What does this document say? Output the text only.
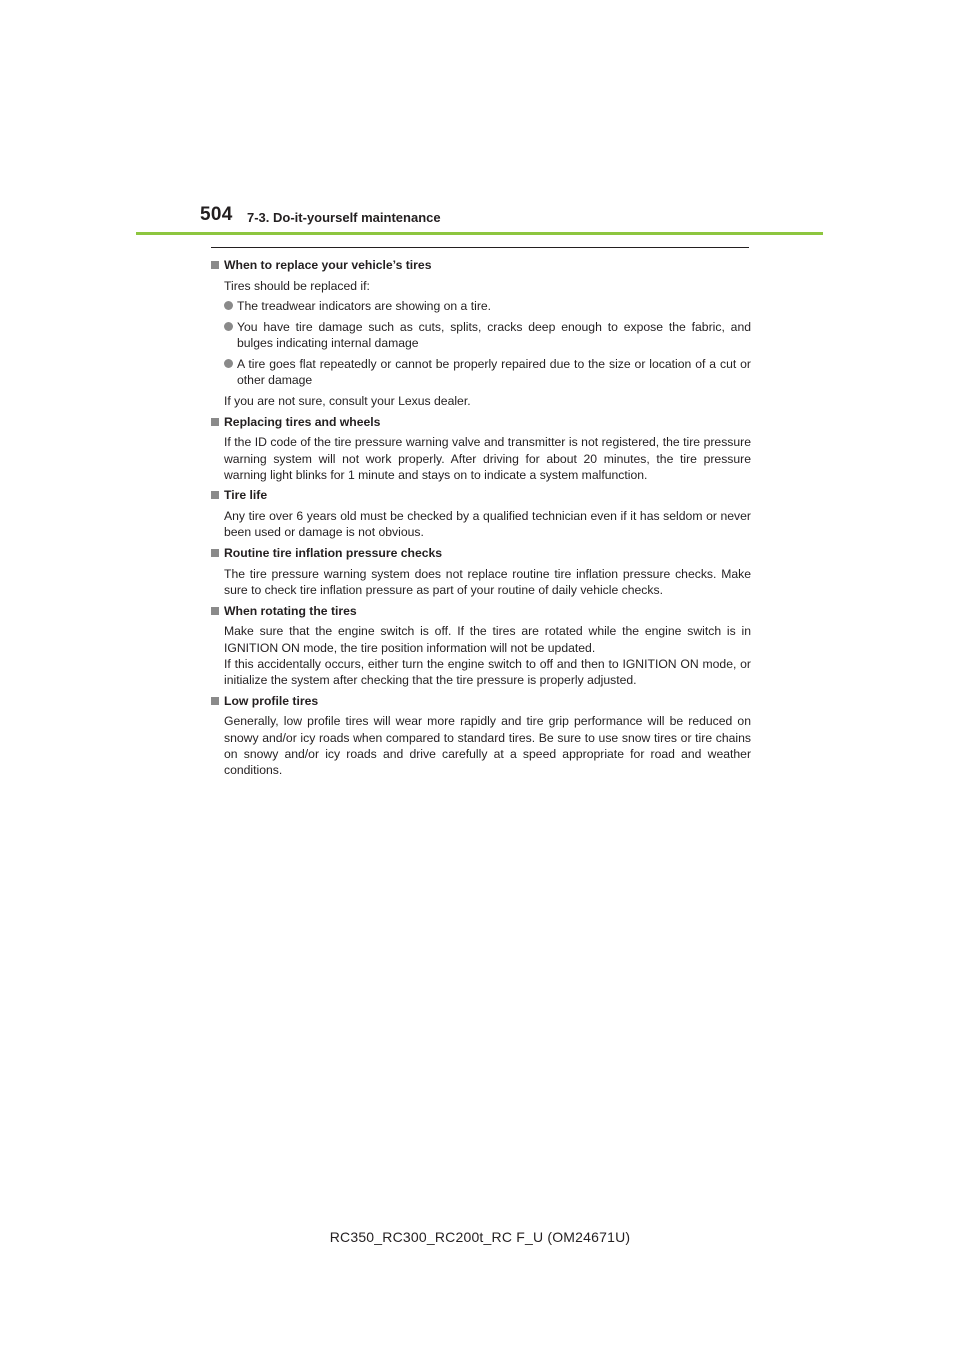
504 7-3. Do-it-yourself maintenance
When to replace your vehicle’s tires
Tires should be replaced if:
The treadwear indicators are showing on a tire.
You have tire damage such as cuts, splits, cracks deep enough to expose the fabric, and bulges indicating internal damage
A tire goes flat repeatedly or cannot be properly repaired due to the size or location of a cut or other damage
If you are not sure, consult your Lexus dealer.
Replacing tires and wheels
If the ID code of the tire pressure warning valve and transmitter is not registered, the tire pressure warning system will not work properly. After driving for about 20 minutes, the tire pressure warning light blinks for 1 minute and stays on to indicate a system malfunction.
Tire life
Any tire over 6 years old must be checked by a qualified technician even if it has seldom or never been used or damage is not obvious.
Routine tire inflation pressure checks
The tire pressure warning system does not replace routine tire inflation pressure checks. Make sure to check tire inflation pressure as part of your routine of daily vehicle checks.
When rotating the tires
Make sure that the engine switch is off. If the tires are rotated while the engine switch is in IGNITION ON mode, the tire position information will not be updated.
If this accidentally occurs, either turn the engine switch to off and then to IGNITION ON mode, or initialize the system after checking that the tire pressure is properly adjusted.
Low profile tires
Generally, low profile tires will wear more rapidly and tire grip performance will be reduced on snowy and/or icy roads when compared to standard tires. Be sure to use snow tires or tire chains on snowy and/or icy roads and drive carefully at a speed appropriate for road and weather conditions.
RC350_RC300_RC200t_RC F_U (OM24671U)
